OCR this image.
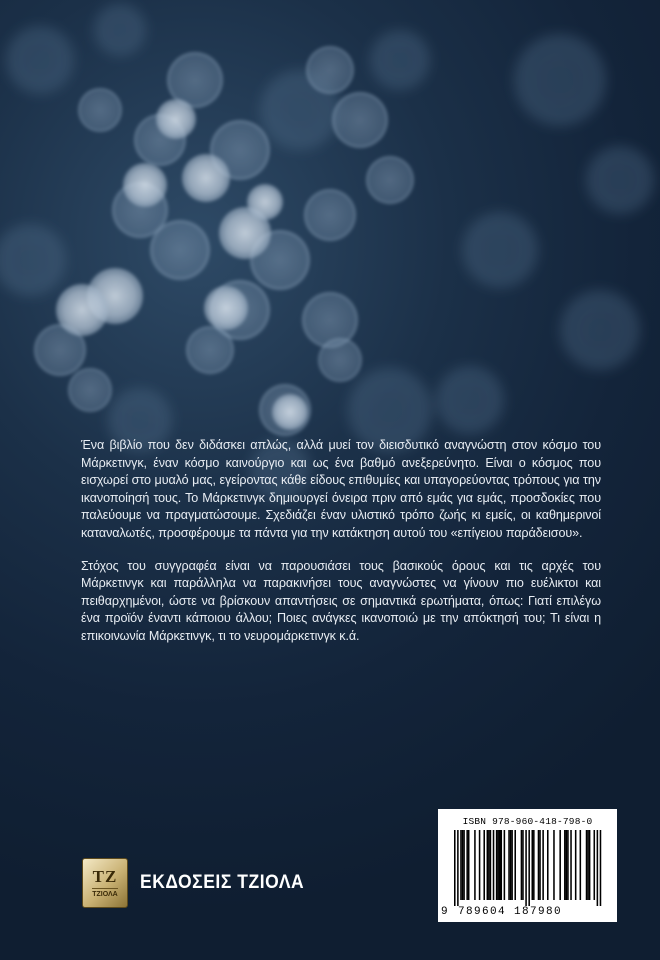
Ένα βιβλίο που δεν διδάσκει απλώς, αλλά μυεί τον διεισδυτικό αναγνώστη στον κόσμο του Μάρκετινγκ, έναν κόσμο καινούργιο και ως ένα βαθμό ανεξερεύνητο. Είναι ο κόσμος που εισχωρεί στο μυαλό μας, εγείροντας κάθε είδους επιθυμίες και υπαγορεύοντας τρόπους για την ικανοποίησή τους. Το Μάρκετινγκ δημιουργεί όνειρα πριν από εμάς για εμάς, προσδοκίες που παλεύουμε να πραγματώσουμε. Σχεδιάζει έναν υλιστικό τρόπο ζωής κι εμείς, οι καθημερινοί καταναλωτές, προσφέρουμε τα πάντα για την κατάκτηση αυτού του «επίγειου παράδεισου».

Στόχος του συγγραφέα είναι να παρουσιάσει τους βασικούς όρους και τις αρχές του Μάρκετινγκ και παράλληλα να παρακινήσει τους αναγνώστες να γίνουν πιο ευέλικτοι και πειθαρχημένοι, ώστε να βρίσκουν απαντήσεις σε σημαντικά ερωτήματα, όπως: Γιατί επιλέγω ένα προϊόν έναντι κάποιου άλλου; Ποιες ανάγκες ικανοποιώ με την απόκτησή του; Τι είναι η επικοινωνία Μάρκετινγκ, τι το νευρομάρκετινγκ κ.ά.

ΤΖ
ΤΖΙΟΛΑ
ΕΚΔΟΣΕΙΣ ΤΖΙΟΛΑ
ISBN 978-960-418-798-0
9 789604 187980
